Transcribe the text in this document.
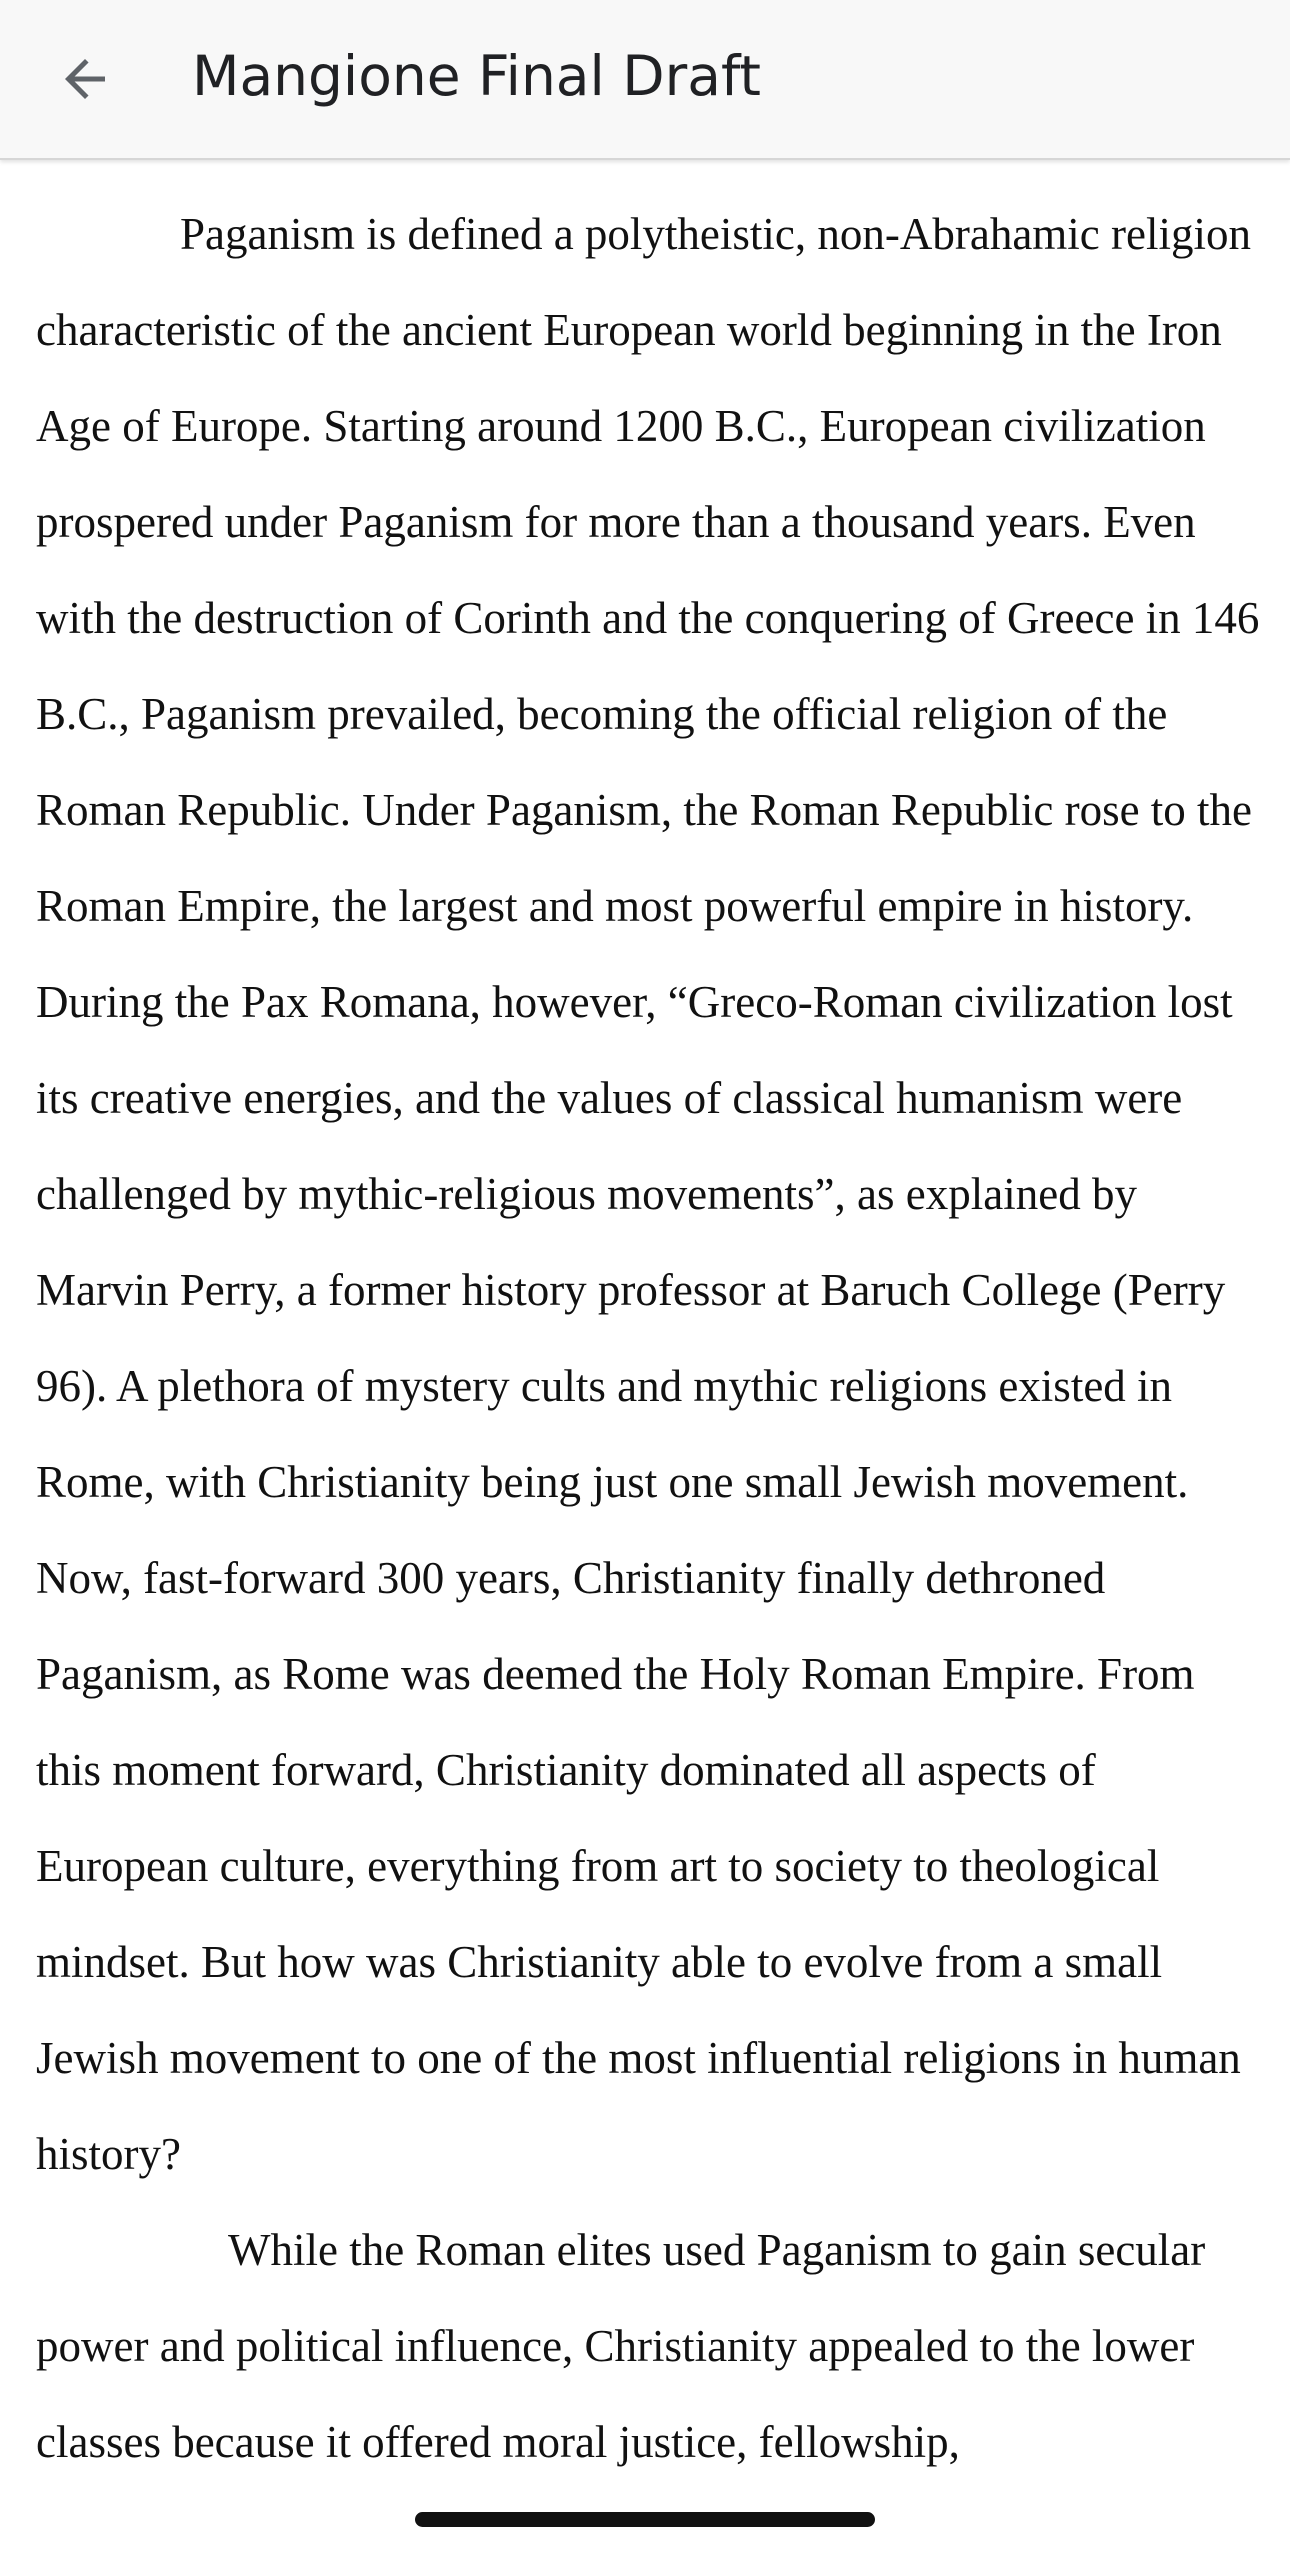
Mangione Final Draft

Paganism is defined a polytheistic, non-Abrahamic religion characteristic of the ancient European world beginning in the Iron Age of Europe. Starting around 1200 B.C., European civilization prospered under Paganism for more than a thousand years. Even with the destruction of Corinth and the conquering of Greece in 146 B.C., Paganism prevailed, becoming the official religion of the Roman Republic. Under Paganism, the Roman Republic rose to the Roman Empire, the largest and most powerful empire in history. During the Pax Romana, however, “Greco-Roman civilization lost its creative energies, and the values of classical humanism were challenged by mythic-religious movements”, as explained by Marvin Perry, a former history professor at Baruch College (Perry 96). A plethora of mystery cults and mythic religions existed in Rome, with Christianity being just one small Jewish movement. Now, fast-forward 300 years, Christianity finally dethroned Paganism, as Rome was deemed the Holy Roman Empire. From this moment forward, Christianity dominated all aspects of European culture, everything from art to society to theological mindset. But how was Christianity able to evolve from a small Jewish movement to one of the most influential religions in human history?

While the Roman elites used Paganism to gain secular power and political influence, Christianity appealed to the lower classes because it offered moral justice, fellowship,
